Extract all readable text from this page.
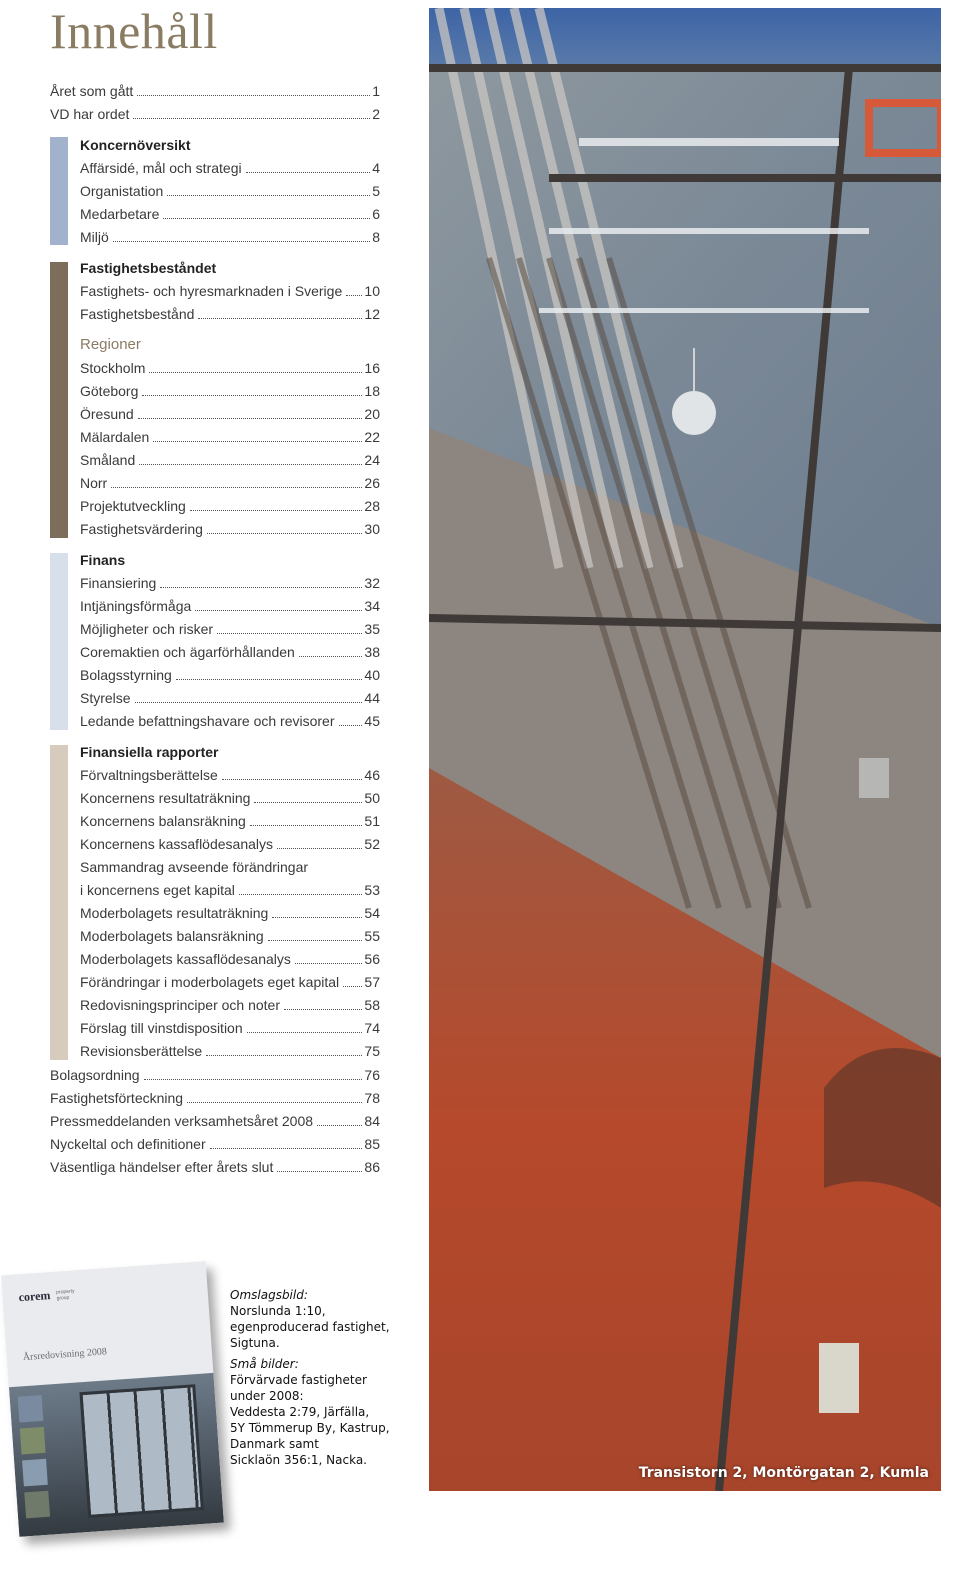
Innehåll
Året som gått	1
VD har ordet	2
Koncernöversikt
Affärsidé, mål och strategi	4
Organistation	5
Medarbetare	6
Miljö	8
Fastighetsbeståndet
Fastighets- och hyresmarknaden i Sverige 10
Fastighetsbestånd	12
Regioner
Stockholm	16
Göteborg	18
Öresund	20
Mälardalen	22
Småland	24
Norr	26
Projektutveckling	28
Fastighetsvärdering	30
Finans
Finansiering	32
Intjäningsförmåga	34
Möjligheter och risker	35
Coremaktien och ägarförhållanden	38
Bolagsstyrning	40
Styrelse	44
Ledande befattningshavare och revisorer 45
Finansiella rapporter
Förvaltningsberättelse	46
Koncernens resultaträkning	50
Koncernens balansräkning	51
Koncernens kassaflödesanalys	52
Sammandrag avseende förändringar
i koncernens eget kapital	53
Moderbolagets resultaträkning	54
Moderbolagets balansräkning	55
Moderbolagets kassaflödesanalys	56
Förändringar i moderbolagets eget kapital 57
Redovisningsprinciper och noter	58
Förslag till vinstdisposition	74
Revisionsberättelse	75
Bolagsordning	76
Fastighetsförteckning	78
Pressmeddelanden verksamhetsåret 2008	84
Nyckeltal och definitioner	85
Väsentliga händelser efter årets slut	86
Transistorn 2, Montörgatan 2, Kumla
corem property group
Årsredovisning 2008
Omslagsbild:
Norslunda 1:10,
egenproducerad fastighet,
Sigtuna.
Små bilder:
Förvärvade fastigheter
under 2008:
Veddesta 2:79, Järfälla,
5Y Tömmerup By, Kastrup,
Danmark samt
Sicklaön 356:1, Nacka.
